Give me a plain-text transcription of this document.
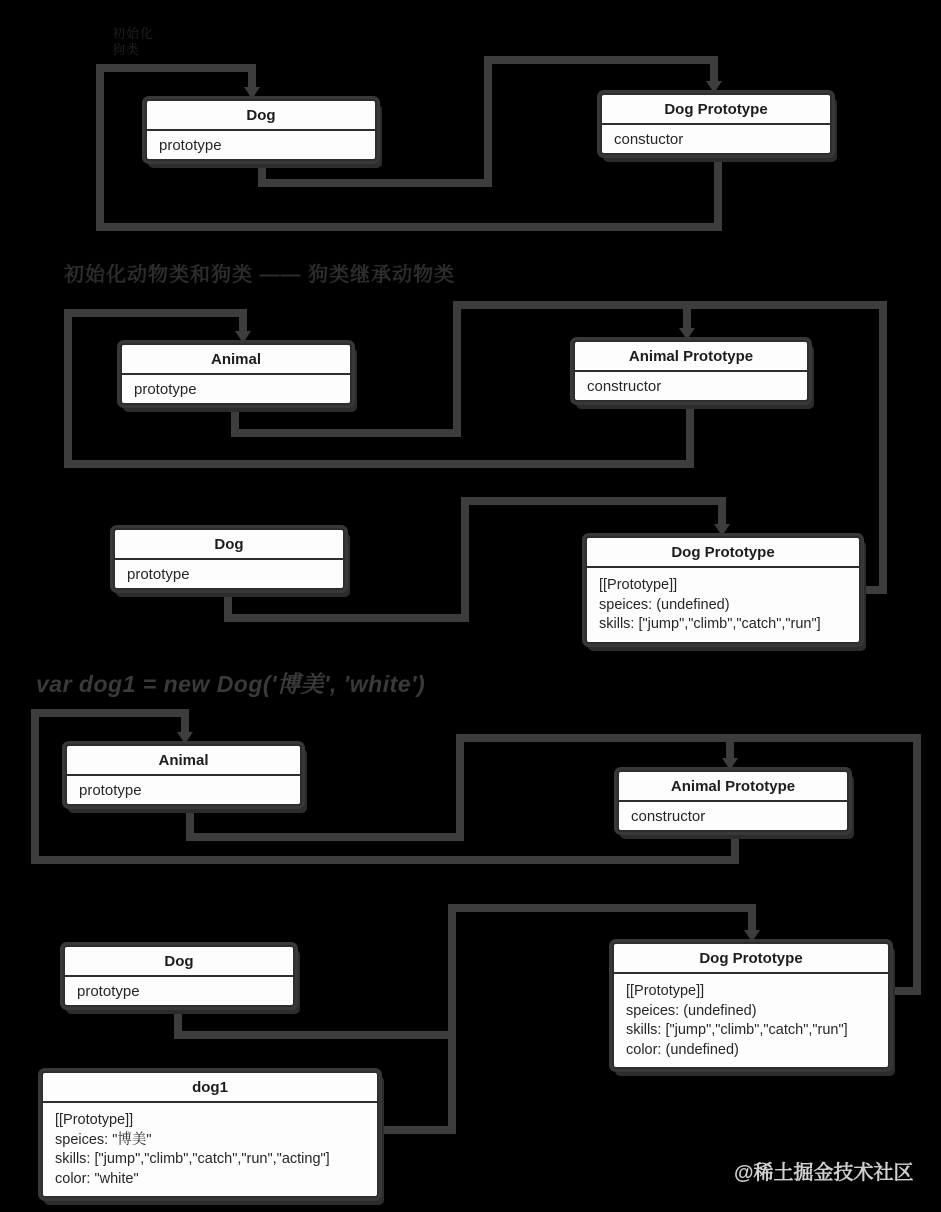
初始化
狗类
初始化动物类和狗类 —— 狗类继承动物类
var dog1 = new Dog('博美', 'white')
Dog
prototype
Dog Prototype
constuctor
Animal
prototype
Animal Prototype
constructor
Dog
prototype
Dog Prototype
[[Prototype]]
speices: (undefined)
skills: ["jump","climb","catch","run"]
Animal
prototype	Animal Prototype
constructor
Dog
prototype
Dog Prototype
[[Prototype]]
speices: (undefined)
skills: ["jump","climb","catch","run"]
color: (undefined)
dog1
[[Prototype]]
speices: "博美"
skills: ["jump","climb","catch","run","acting"]
color: "white"	@稀土掘金技术社区
